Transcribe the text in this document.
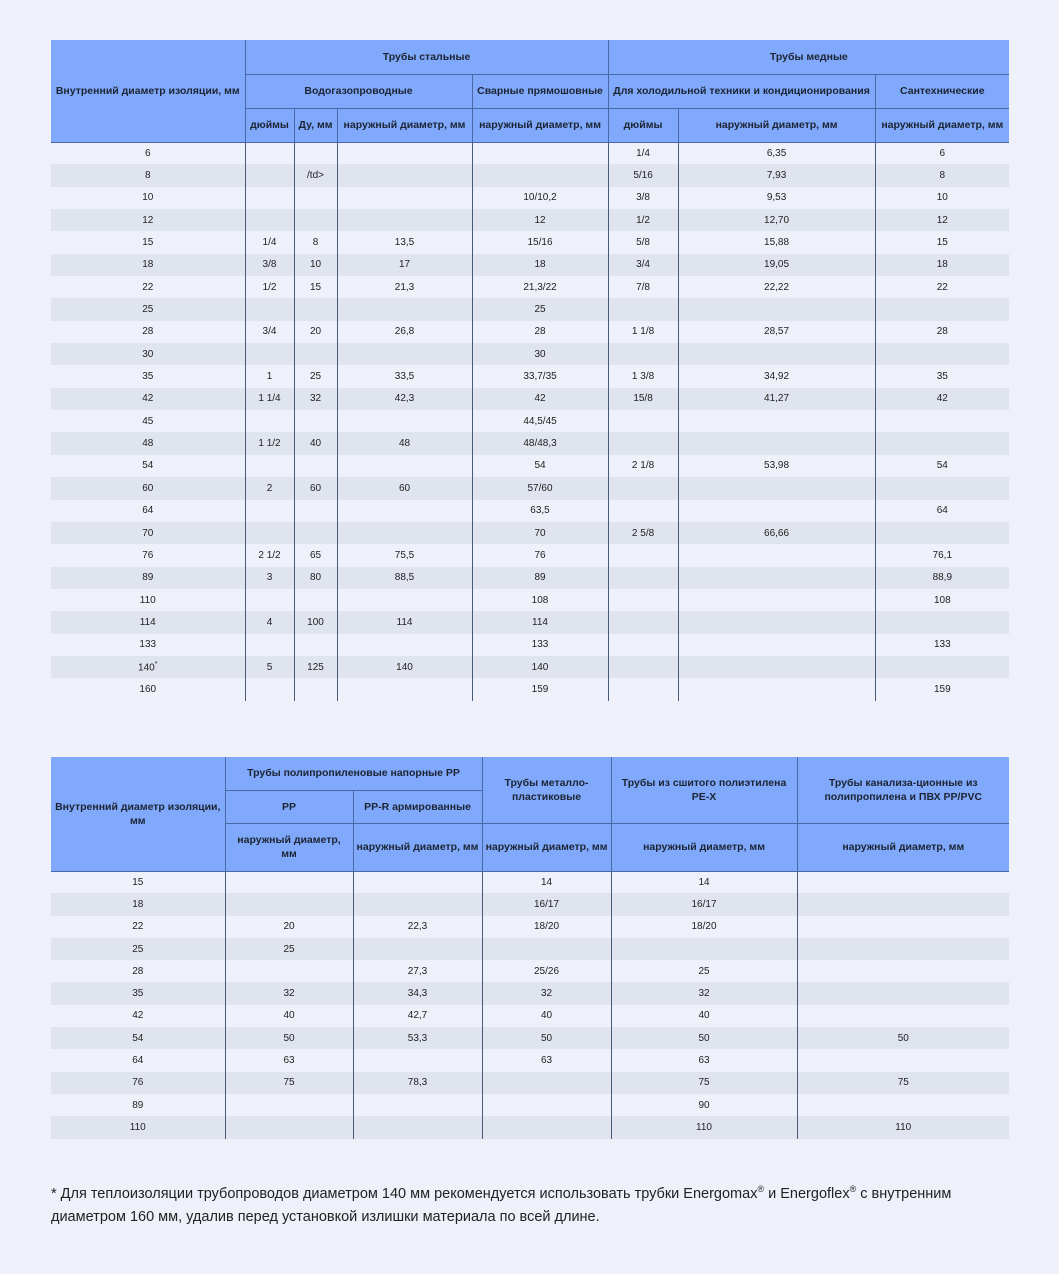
Внутренний диаметр изоляции, мм	Трубы стальные				Трубы медные		
	Водогазопроводные			Сварные прямошовные	Для холодильной техники и кондиционирования		Сантехнические
	дюймы	Ду, мм	наружный диаметр, мм	наружный диаметр, мм	дюймы	наружный диаметр, мм	наружный диаметр, мм
6					1/4	6,35	6
8		/td>			5/16	7,93	8
10				10/10,2	3/8	9,53	10
12				12	1/2	12,70	12
15	1/4	8	13,5	15/16	5/8	15,88	15
18	3/8	10	17	18	3/4	19,05	18
22	1/2	15	21,3	21,3/22	7/8	22,22	22
25				25			
28	3/4	20	26,8	28	1 1/8	28,57	28
30				30			
35	1	25	33,5	33,7/35	1 3/8	34,92	35
42	1 1/4	32	42,3	42	15/8	41,27	42
45				44,5/45			
48	1 1/2	40	48	48/48,3			
54				54	2 1/8	53,98	54
60	2	60	60	57/60			
64				63,5			64
70				70	2 5/8	66,66	
76	2 1/2	65	75,5	76			76,1
89	3	80	88,5	89			88,9
110				108			108
114	4	100	114	114			
133				133			133
140*	5	125	140	140			
160				159			159
Внутренний диаметр изоляции, мм	Трубы полипропиленовые напорные PP		Трубы металло-пластиковые	Трубы из сшитого полиэтилена PE-X	Трубы канализа-ционные из полипропилена и ПВХ PP/PVC
	PP	PP-R армированные			
	наружный диаметр, мм	наружный диаметр, мм	наружный диаметр, мм	наружный диаметр, мм	наружный диаметр, мм
15			14	14	
18			16/17	16/17	
22	20	22,3	18/20	18/20	
25	25				
28		27,3	25/26	25	
35	32	34,3	32	32	
42	40	42,7	40	40	
54	50	53,3	50	50	50
64	63		63	63	
76	75	78,3		75	75
89				90	
110				110	110
* Для теплоизоляции трубопроводов диаметром 140 мм рекомендуется использовать трубки Energomax® и Energoflex® с внутренним диаметром 160 мм, удалив перед установкой излишки материала по всей длине.
